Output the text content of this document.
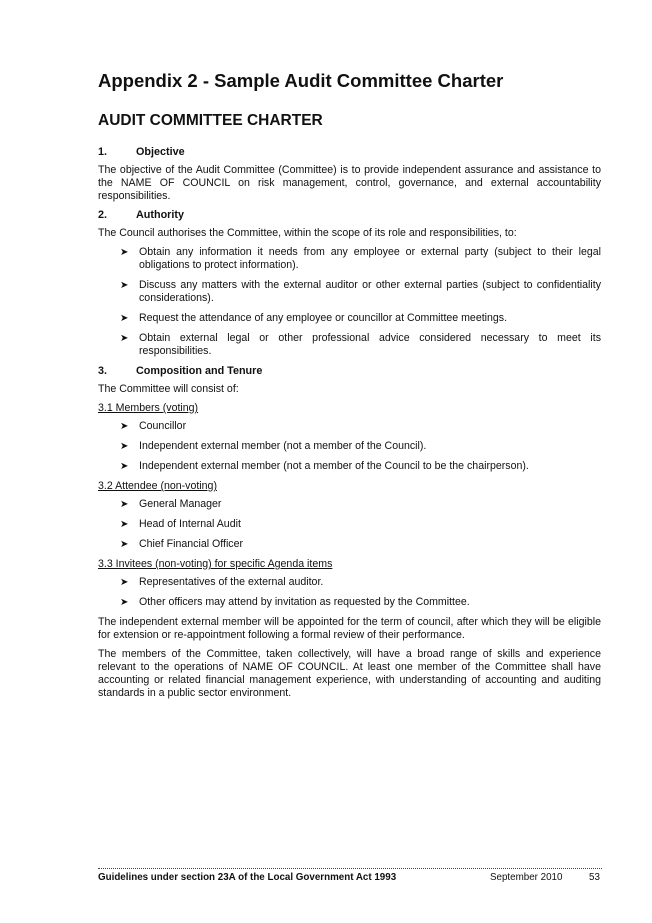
Appendix 2 - Sample Audit Committee Charter
AUDIT COMMITTEE CHARTER
1.	Objective

The objective of the Audit Committee (Committee) is to provide independent assurance and assistance to the NAME OF COUNCIL on risk management, control, governance, and external accountability responsibilities.

2.	Authority

The Council authorises the Committee, within the scope of its role and responsibilities, to:

➤ Obtain any information it needs from any employee or external party (subject to their legal obligations to protect information).
➤ Discuss any matters with the external auditor or other external parties (subject to confidentiality considerations).
➤ Request the attendance of any employee or councillor at Committee meetings.
➤ Obtain external legal or other professional advice considered necessary to meet its responsibilities.
3.	Composition and Tenure

The Committee will consist of:

3.1 Members (voting)
➤ Councillor
➤ Independent external member (not a member of the Council).
➤ Independent external member (not a member of the Council to be the chairperson).
3.2 Attendee (non-voting)
➤ General Manager
➤ Head of Internal Audit
➤ Chief Financial Officer
3.3 Invitees (non-voting) for specific Agenda items
➤ Representatives of the external auditor.
➤ Other officers may attend by invitation as requested by the Committee.

The independent external member will be appointed for the term of council, after which they will be eligible for extension or re-appointment following a formal review of their performance.

The members of the Committee, taken collectively, will have a broad range of skills and experience relevant to the operations of NAME OF COUNCIL. At least one member of the Committee shall have accounting or related financial management experience, with understanding of accounting and auditing standards in a public sector environment.

Guidelines under section 23A of the Local Government Act 1993	September 2010	53
